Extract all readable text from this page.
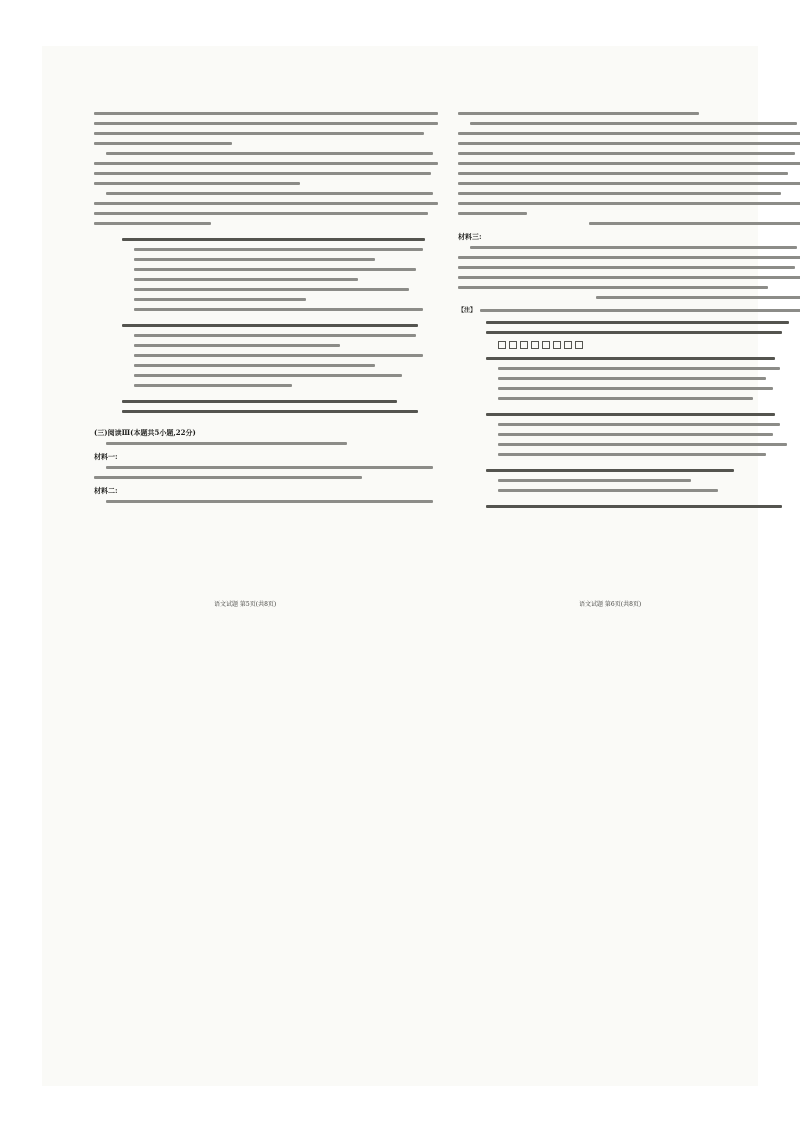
(三)阅读Ⅲ(本题共5小题,22分)
材料一:
材料二:
材料三:
【注】
语文试题 第5页(共8页)	语文试题 第6页(共8页)
